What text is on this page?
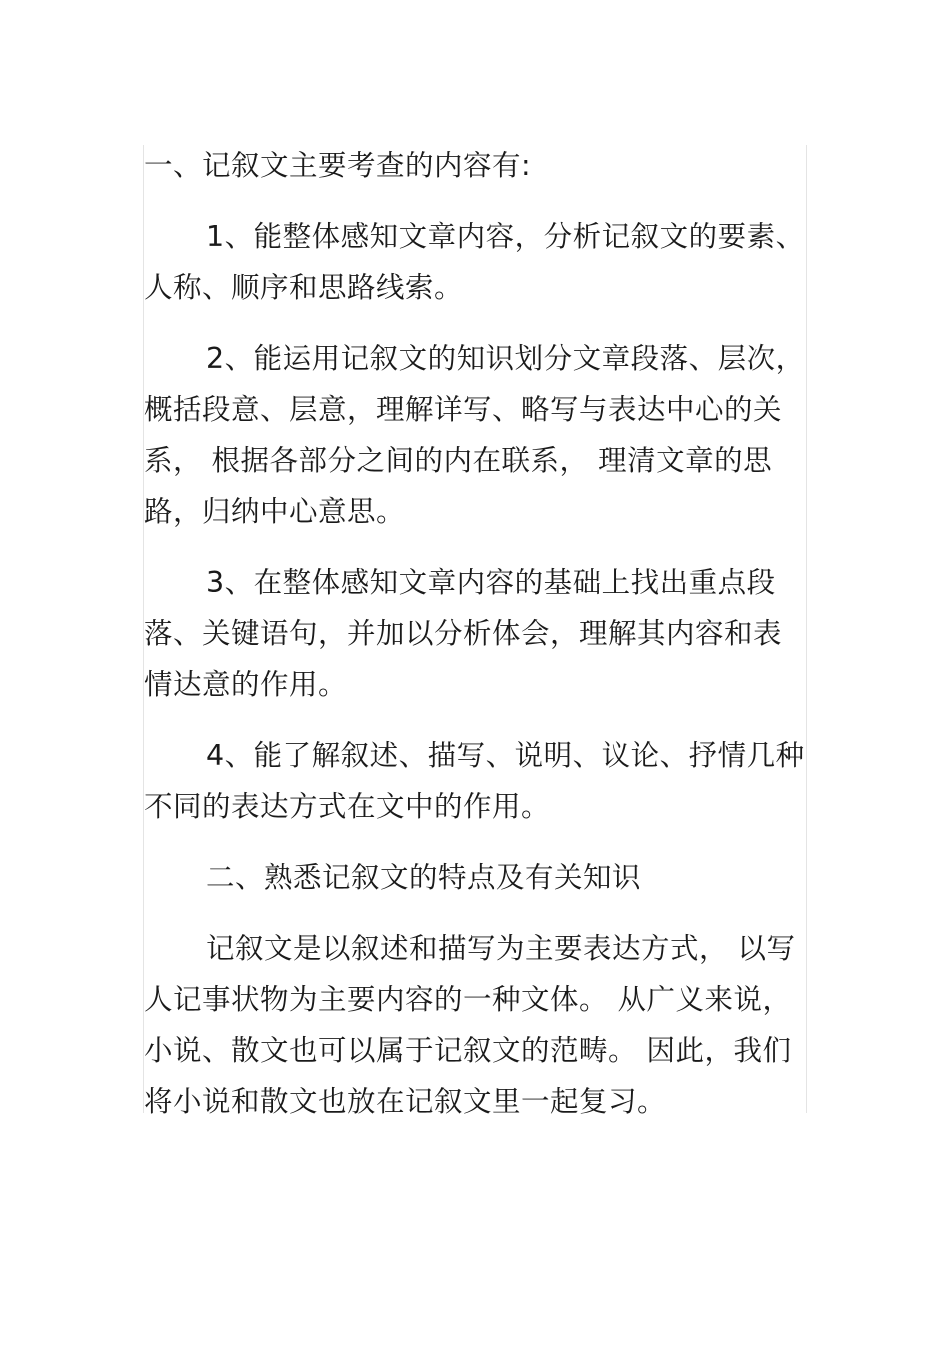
一、记叙文主要考查的内容有:

1、能整体感知文章内容，分析记叙文的要素、人称、顺序和思路线索。

2、能运用记叙文的知识划分文章段落、层次，概括段意、层意，理解详写、略写与表达中心的关系， 根据各部分之间的内在联系， 理清文章的思路，归纳中心意思。

3、在整体感知文章内容的基础上找出重点段落、关键语句，并加以分析体会，理解其内容和表情达意的作用。

4、能了解叙述、描写、说明、议论、抒情几种不同的表达方式在文中的作用。

二、熟悉记叙文的特点及有关知识

记叙文是以叙述和描写为主要表达方式， 以写人记事状物为主要内容的一种文体。 从广义来说，小说、散文也可以属于记叙文的范畴。 因此，我们将小说和散文也放在记叙文里一起复习。
